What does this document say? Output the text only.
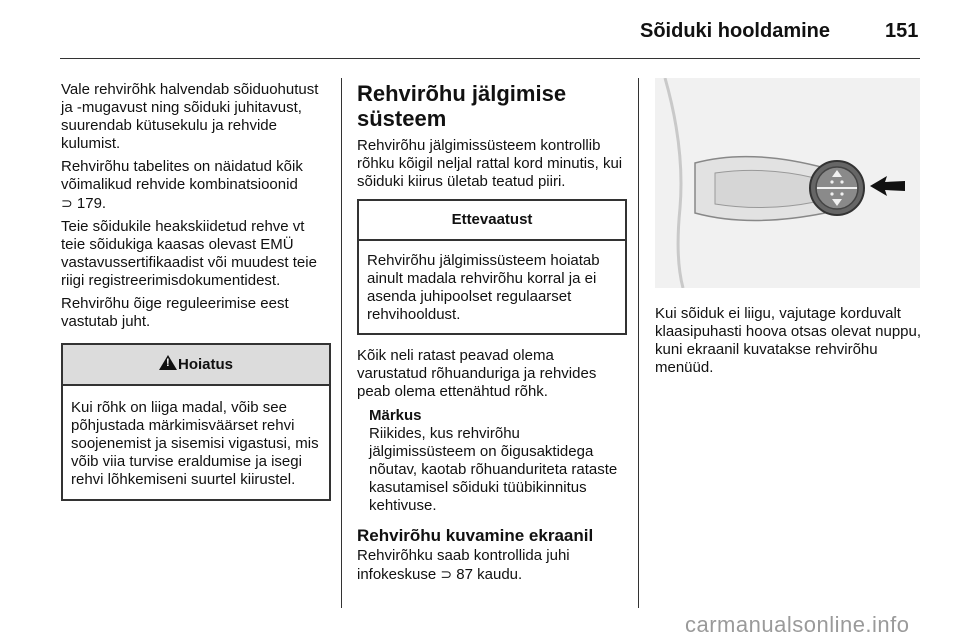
Sõiduki hooldamine	151

Vale rehvirõhk halvendab sõiduohutust ja -mugavust ning sõiduki juhitavust, suurendab kütusekulu ja rehvide kulumist.

Rehvirõhu tabelites on näidatud kõik võimalikud rehvide kombinatsioonid
⊃ 179.

Teie sõidukile heakskiidetud rehve vt teie sõidukiga kaasas olevast EMÜ vastavussertifikaadist või muudest teie riigi registreerimisdokumentidest.

Rehvirõhu õige reguleerimise eest vastutab juht.

! Hoiatus
Kui rõhk on liiga madal, võib see põhjustada märkimisväärset rehvi soojenemist ja sisemisi vigastusi, mis võib viia turvise eraldumise ja isegi rehvi lõhkemiseni suurtel kiirustel.
Rehvirõhu jälgimise süsteem

Rehvirõhu jälgimissüsteem kontrollib rõhku kõigil neljal rattal kord minutis, kui sõiduki kiirus ületab teatud piiri.

Ettevaatust
Rehvirõhu jälgimissüsteem hoiatab ainult madala rehvirõhu korral ja ei asenda juhipoolset regulaarset rehvihooldust.

Kõik neli ratast peavad olema varustatud rõhuanduriga ja rehvides peab olema ettenähtud rõhk.

Märkus
Riikides, kus rehvirõhu jälgimissüsteem on õigusaktidega nõutav, kaotab rõhuanduriteta rataste kasutamisel sõiduki tüübikinnitus kehtivuse.
Rehvirõhu kuvamine ekraanil

Rehvirõhku saab kontrollida juhi infokeskuse ⊃ 87 kaudu.

Kui sõiduk ei liigu, vajutage korduvalt klaasipuhasti hoova otsas olevat nuppu, kuni ekraanil kuvatakse rehvirõhu menüüd.

carmanualsonline.info
